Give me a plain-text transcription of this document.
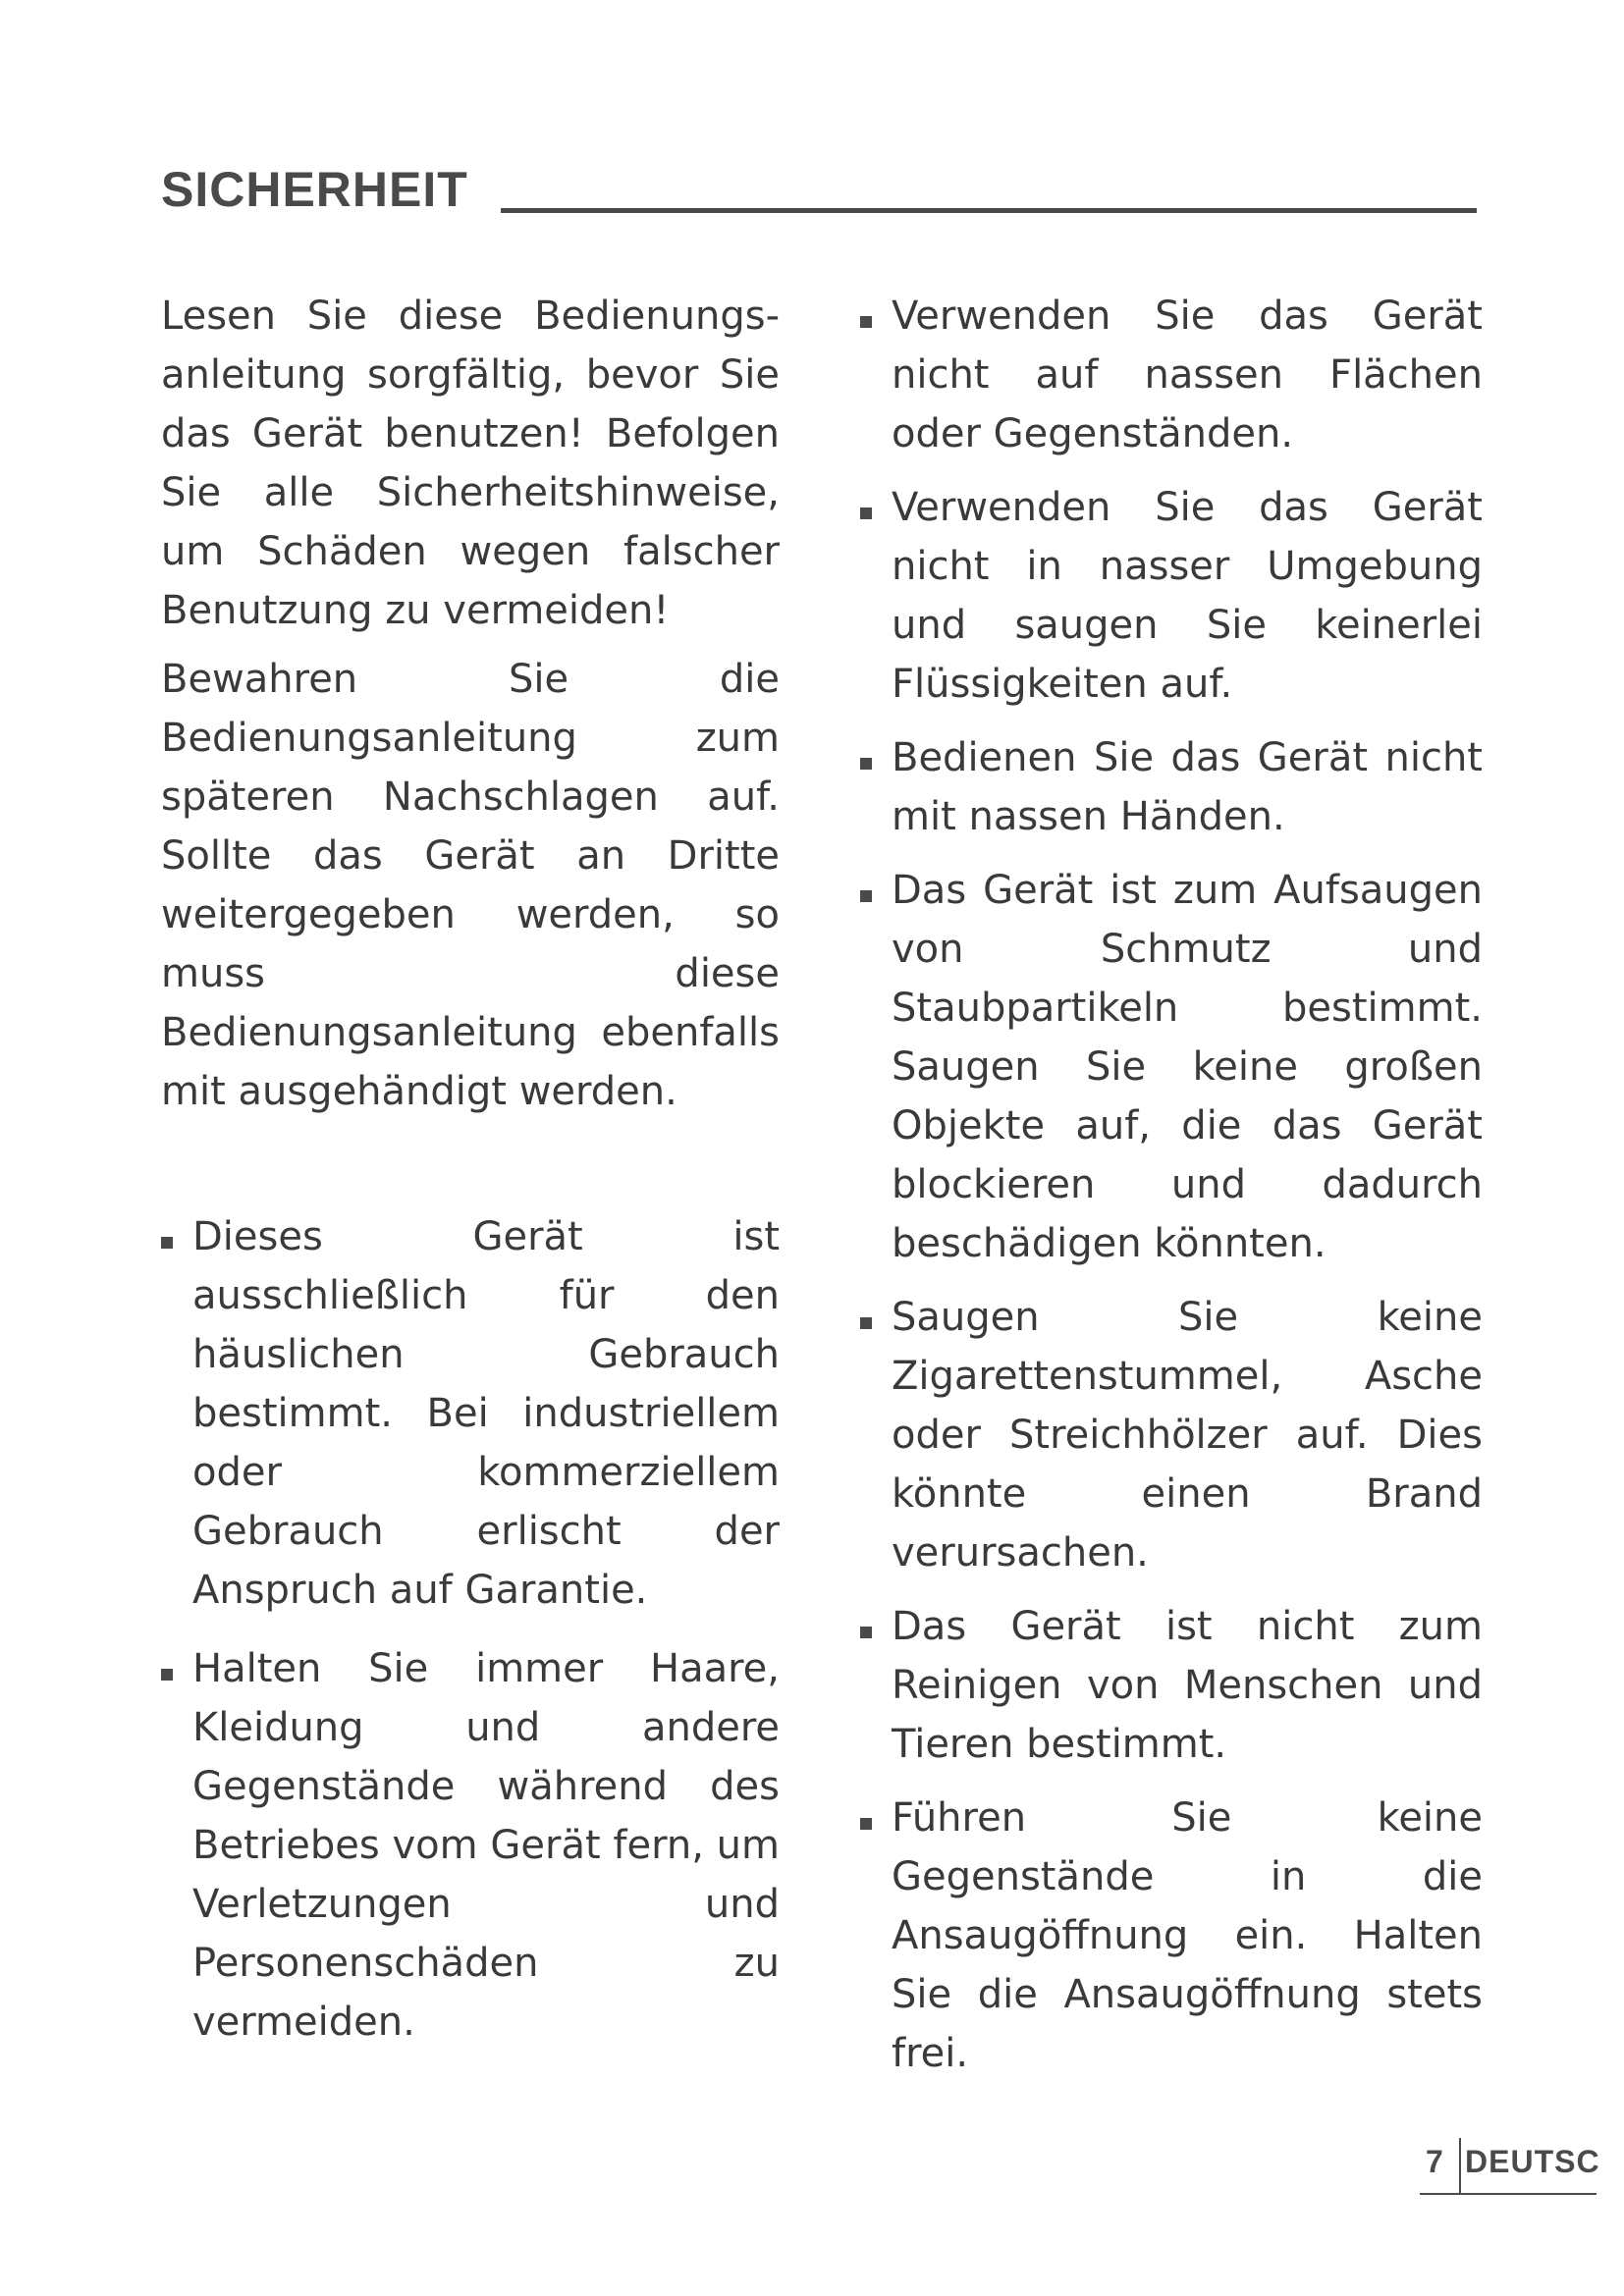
SICHERHEIT

Lesen Sie diese Bedienungsanleitung sorgfältig, bevor Sie das Gerät benutzen! Befolgen Sie alle Sicherheitshinweise, um Schäden wegen falscher Benutzung zu vermeiden!

Bewahren Sie die Bedienungsanleitung zum späteren Nachschlagen auf. Sollte das Gerät an Dritte weitergegeben werden, so muss diese Bedienungsanleitung ebenfalls mit ausgehändigt werden.

Dieses Gerät ist ausschließlich für den häuslichen Gebrauch bestimmt. Bei industriellem oder kommerziellem Gebrauch erlischt der Anspruch auf Garantie.
Halten Sie immer Haare, Kleidung und andere Gegenstände während des Betriebes vom Gerät fern, um Verletzungen und Personenschäden zu vermeiden.
Verwenden Sie das Gerät nicht auf nassen Flächen oder Gegenständen.
Verwenden Sie das Gerät nicht in nasser Umgebung und saugen Sie keinerlei Flüssigkeiten auf.
Bedienen Sie das Gerät nicht mit nassen Händen.
Das Gerät ist zum Aufsaugen von Schmutz und Staubpartikeln bestimmt. Saugen Sie keine großen Objekte auf, die das Gerät blockieren und dadurch beschädigen könnten.
Saugen Sie keine Zigarettenstummel, Asche oder Streichhölzer auf. Dies könnte einen Brand verursachen.
Das Gerät ist nicht zum Reinigen von Menschen und Tieren bestimmt.
Führen Sie keine Gegenstände in die Ansaugöffnung ein. Halten Sie die Ansaugöffnung stets frei.
7 DEUTSC
